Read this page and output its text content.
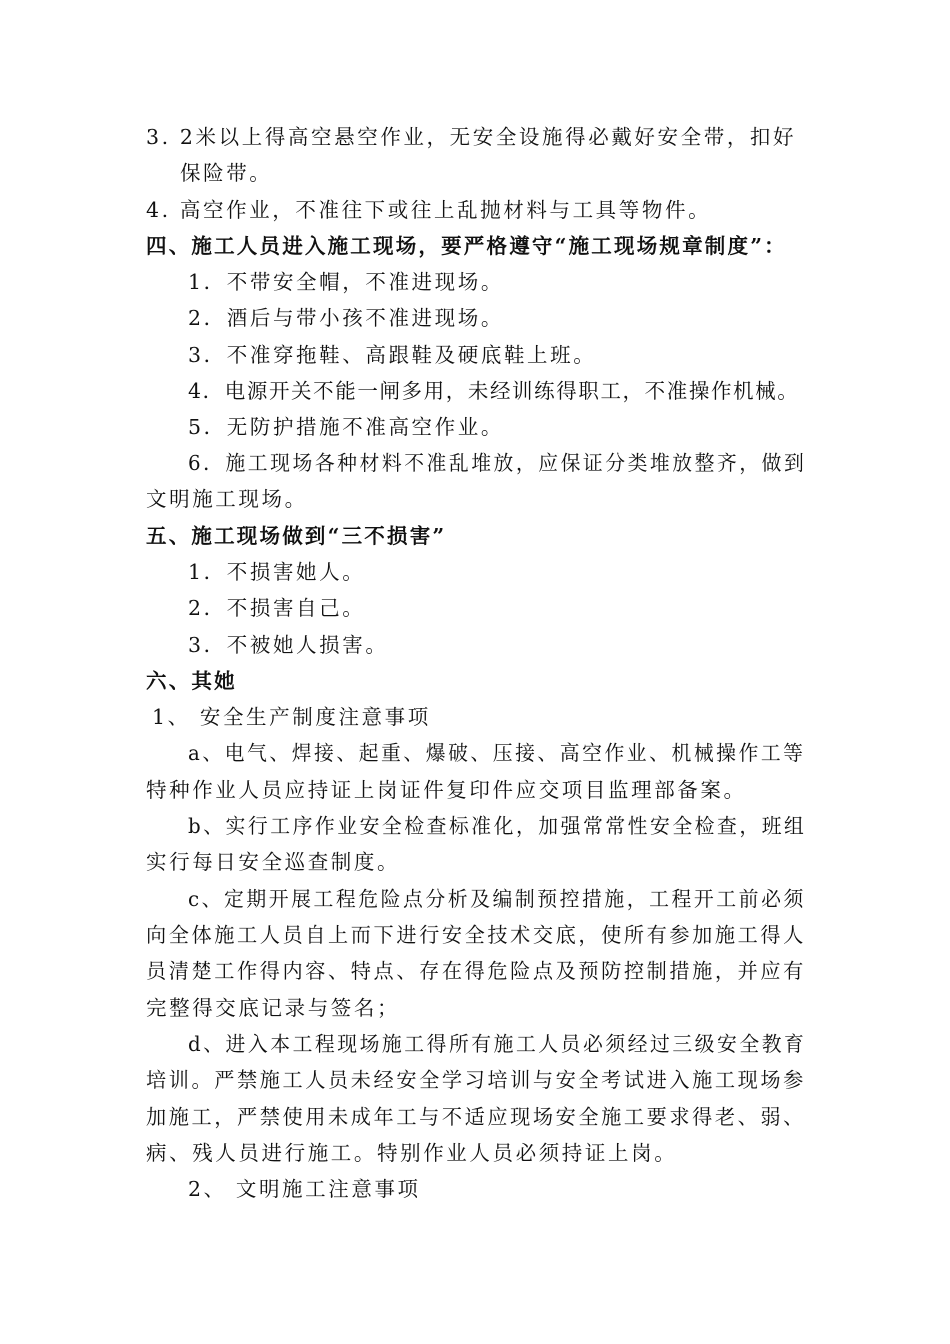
3. 2米以上得高空悬空作业，无安全设施得必戴好安全带，扣好
保险带。
4. 高空作业，不准往下或往上乱抛材料与工具等物件。
四、施工人员进入施工现场，要严格遵守“施工现场规章制度”：
1．不带安全帽，不准进现场。
2．酒后与带小孩不准进现场。
3．不准穿拖鞋、高跟鞋及硬底鞋上班。
4．电源开关不能一闸多用，未经训练得职工，不准操作机械。
5．无防护措施不准高空作业。
6．施工现场各种材料不准乱堆放，应保证分类堆放整齐，做到
文明施工现场。
五、施工现场做到“三不损害”
1．不损害她人。
2．不损害自己。
3．不被她人损害。
六、其她
1、 安全生产制度注意事项
a、电气、焊接、起重、爆破、压接、高空作业、机械操作工等
特种作业人员应持证上岗证件复印件应交项目监理部备案。
b、实行工序作业安全检查标准化，加强常常性安全检查，班组
实行每日安全巡查制度。
c、定期开展工程危险点分析及编制预控措施，工程开工前必须
向全体施工人员自上而下进行安全技术交底，使所有参加施工得人
员清楚工作得内容、特点、存在得危险点及预防控制措施，并应有
完整得交底记录与签名；
d、进入本工程现场施工得所有施工人员必须经过三级安全教育
培训。严禁施工人员未经安全学习培训与安全考试进入施工现场参
加施工，严禁使用未成年工与不适应现场安全施工要求得老、弱、
病、残人员进行施工。特别作业人员必须持证上岗。
2、 文明施工注意事项
